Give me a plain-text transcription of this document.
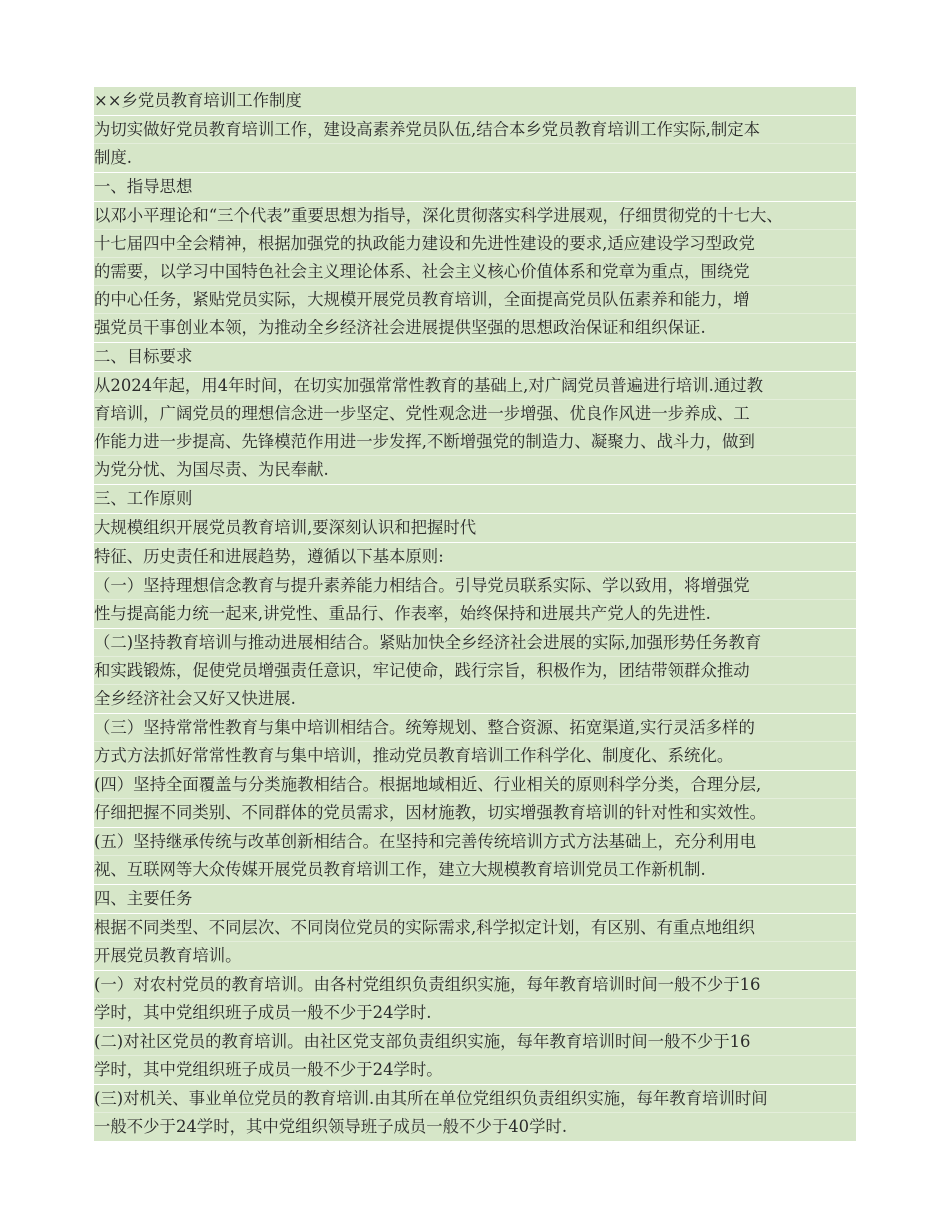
××乡党员教育培训工作制度
为切实做好党员教育培训工作，建设高素养党员队伍,结合本乡党员教育培训工作实际,制定本
制度.
一、指导思想
以邓小平理论和“三个代表”重要思想为指导，深化贯彻落实科学进展观，仔细贯彻党的十七大、
十七届四中全会精神，根据加强党的执政能力建设和先进性建设的要求,适应建设学习型政党
的需要，以学习中国特色社会主义理论体系、社会主义核心价值体系和党章为重点，围绕党
的中心任务，紧贴党员实际，大规模开展党员教育培训，全面提高党员队伍素养和能力，增
强党员干事创业本领，为推动全乡经济社会进展提供坚强的思想政治保证和组织保证.
二、目标要求
从2024年起，用4年时间，在切实加强常常性教育的基础上,对广阔党员普遍进行培训.通过教
育培训，广阔党员的理想信念进一步坚定、党性观念进一步增强、优良作风进一步养成、工
作能力进一步提高、先锋模范作用进一步发挥,不断增强党的制造力、凝聚力、战斗力，做到
为党分忧、为国尽责、为民奉献.
三、工作原则
大规模组织开展党员教育培训,要深刻认识和把握时代
特征、历史责任和进展趋势，遵循以下基本原则:
（一）坚持理想信念教育与提升素养能力相结合。引导党员联系实际、学以致用，将增强党
性与提高能力统一起来,讲党性、重品行、作表率，始终保持和进展共产党人的先进性.
（二)坚持教育培训与推动进展相结合。紧贴加快全乡经济社会进展的实际,加强形势任务教育
和实践锻炼，促使党员增强责任意识，牢记使命，践行宗旨，积极作为，团结带领群众推动
全乡经济社会又好又快进展.
（三）坚持常常性教育与集中培训相结合。统筹规划、整合资源、拓宽渠道,实行灵活多样的
方式方法抓好常常性教育与集中培训，推动党员教育培训工作科学化、制度化、系统化。
(四）坚持全面覆盖与分类施教相结合。根据地域相近、行业相关的原则科学分类，合理分层,
仔细把握不同类别、不同群体的党员需求，因材施教，切实增强教育培训的针对性和实效性。
(五）坚持继承传统与改革创新相结合。在坚持和完善传统培训方式方法基础上，充分利用电
视、互联网等大众传媒开展党员教育培训工作，建立大规模教育培训党员工作新机制.
四、主要任务
根据不同类型、不同层次、不同岗位党员的实际需求,科学拟定计划，有区别、有重点地组织
开展党员教育培训。
(一）对农村党员的教育培训。由各村党组织负责组织实施，每年教育培训时间一般不少于16
学时，其中党组织班子成员一般不少于24学时.
(二)对社区党员的教育培训。由社区党支部负责组织实施，每年教育培训时间一般不少于16
学时，其中党组织班子成员一般不少于24学时。
(三)对机关、事业单位党员的教育培训.由其所在单位党组织负责组织实施，每年教育培训时间
一般不少于24学时，其中党组织领导班子成员一般不少于40学时.
